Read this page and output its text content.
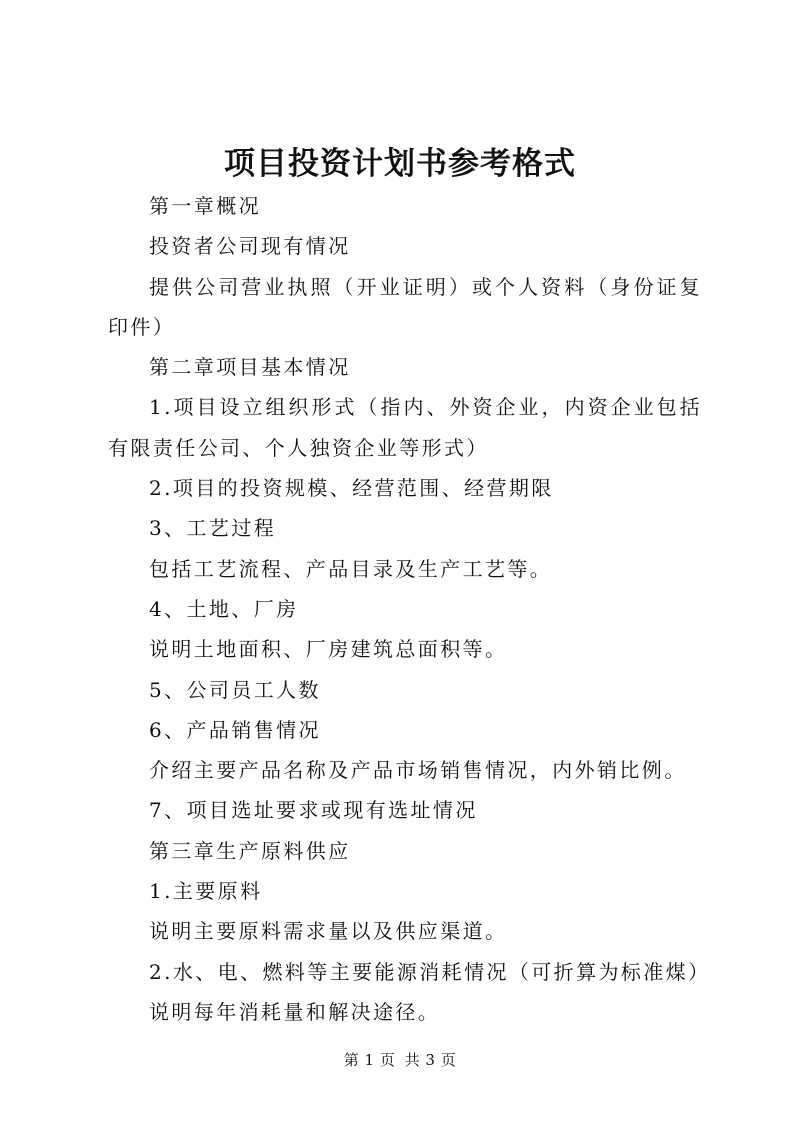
项目投资计划书参考格式

第一章概况

投资者公司现有情况

提供公司营业执照（开业证明）或个人资料（身份证复印件）

第二章项目基本情况

1.项目设立组织形式（指内、外资企业，内资企业包括有限责任公司、个人独资企业等形式）

2.项目的投资规模、经营范围、经营期限

3、工艺过程

包括工艺流程、产品目录及生产工艺等。

4、土地、厂房

说明土地面积、厂房建筑总面积等。

5、公司员工人数

6、产品销售情况

介绍主要产品名称及产品市场销售情况，内外销比例。

7、项目选址要求或现有选址情况

第三章生产原料供应

1.主要原料

说明主要原料需求量以及供应渠道。

2.水、电、燃料等主要能源消耗情况（可折算为标准煤）

说明每年消耗量和解决途径。

第 1 页 共 3 页
